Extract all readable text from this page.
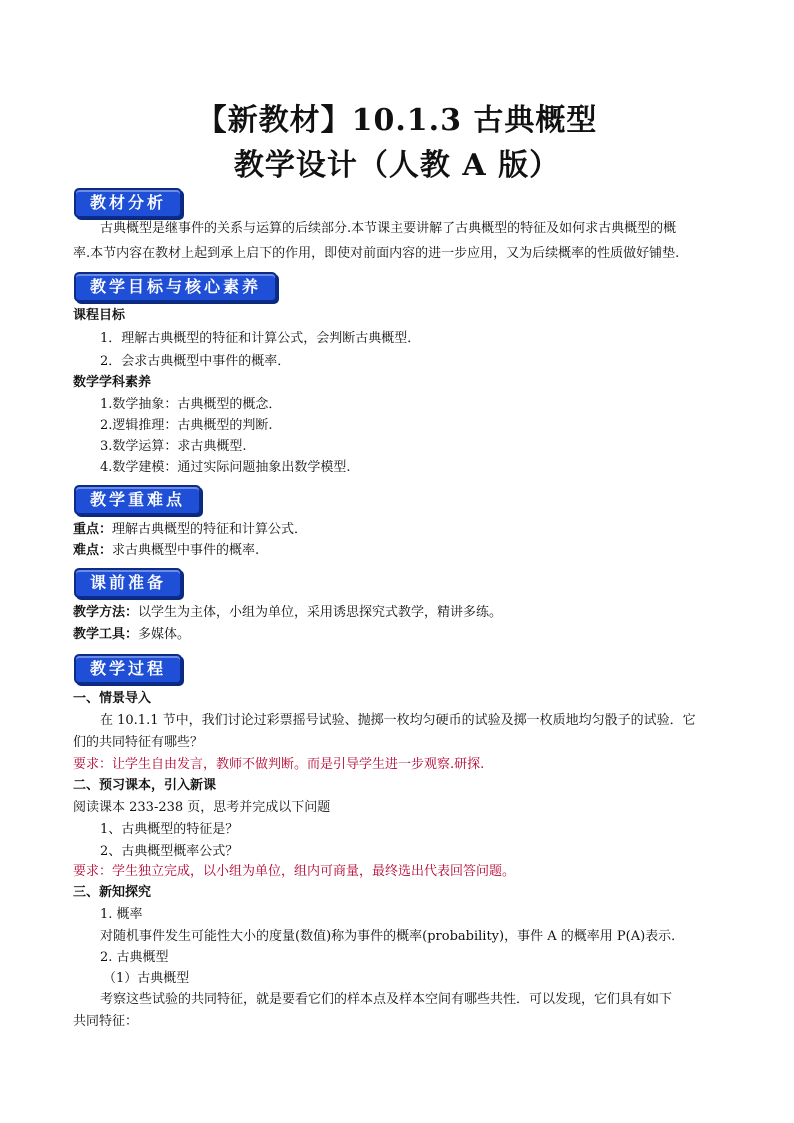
【新教材】10.1.3 古典概型
教学设计（人教 A 版）
教材分析
古典概型是继事件的关系与运算的后续部分.本节课主要讲解了古典概型的特征及如何求古典概型的概
率.本节内容在教材上起到承上启下的作用，即使对前面内容的进一步应用，又为后续概率的性质做好铺垫.
教学目标与核心素养
课程目标
1．理解古典概型的特征和计算公式，会判断古典概型．
2．会求古典概型中事件的概率．
数学学科素养
1.数学抽象：古典概型的概念．
2.逻辑推理：古典概型的判断.
3.数学运算：求古典概型.
4.数学建模：通过实际问题抽象出数学模型.
教学重难点
重点：理解古典概型的特征和计算公式．
难点：求古典概型中事件的概率.
课前准备
教学方法：以学生为主体，小组为单位，采用诱思探究式教学，精讲多练。
教学工具：多媒体。
教学过程
一、情景导入
在 10.1.1 节中，我们讨论过彩票摇号试验、抛掷一枚均匀硬币的试验及掷一枚质地均匀骰子的试验．它
们的共同特征有哪些？
要求：让学生自由发言，教师不做判断。而是引导学生进一步观察.研探.
二、预习课本，引入新课
阅读课本 233-238 页，思考并完成以下问题
1、古典概型的特征是？
2、古典概型概率公式？
要求：学生独立完成，以小组为单位，组内可商量，最终选出代表回答问题。
三、新知探究
1. 概率
对随机事件发生可能性大小的度量(数值)称为事件的概率(probability)，事件 A 的概率用 P(A)表示．
2. 古典概型
（1）古典概型
考察这些试验的共同特征，就是要看它们的样本点及样本空间有哪些共性．可以发现，它们具有如下
共同特征：
